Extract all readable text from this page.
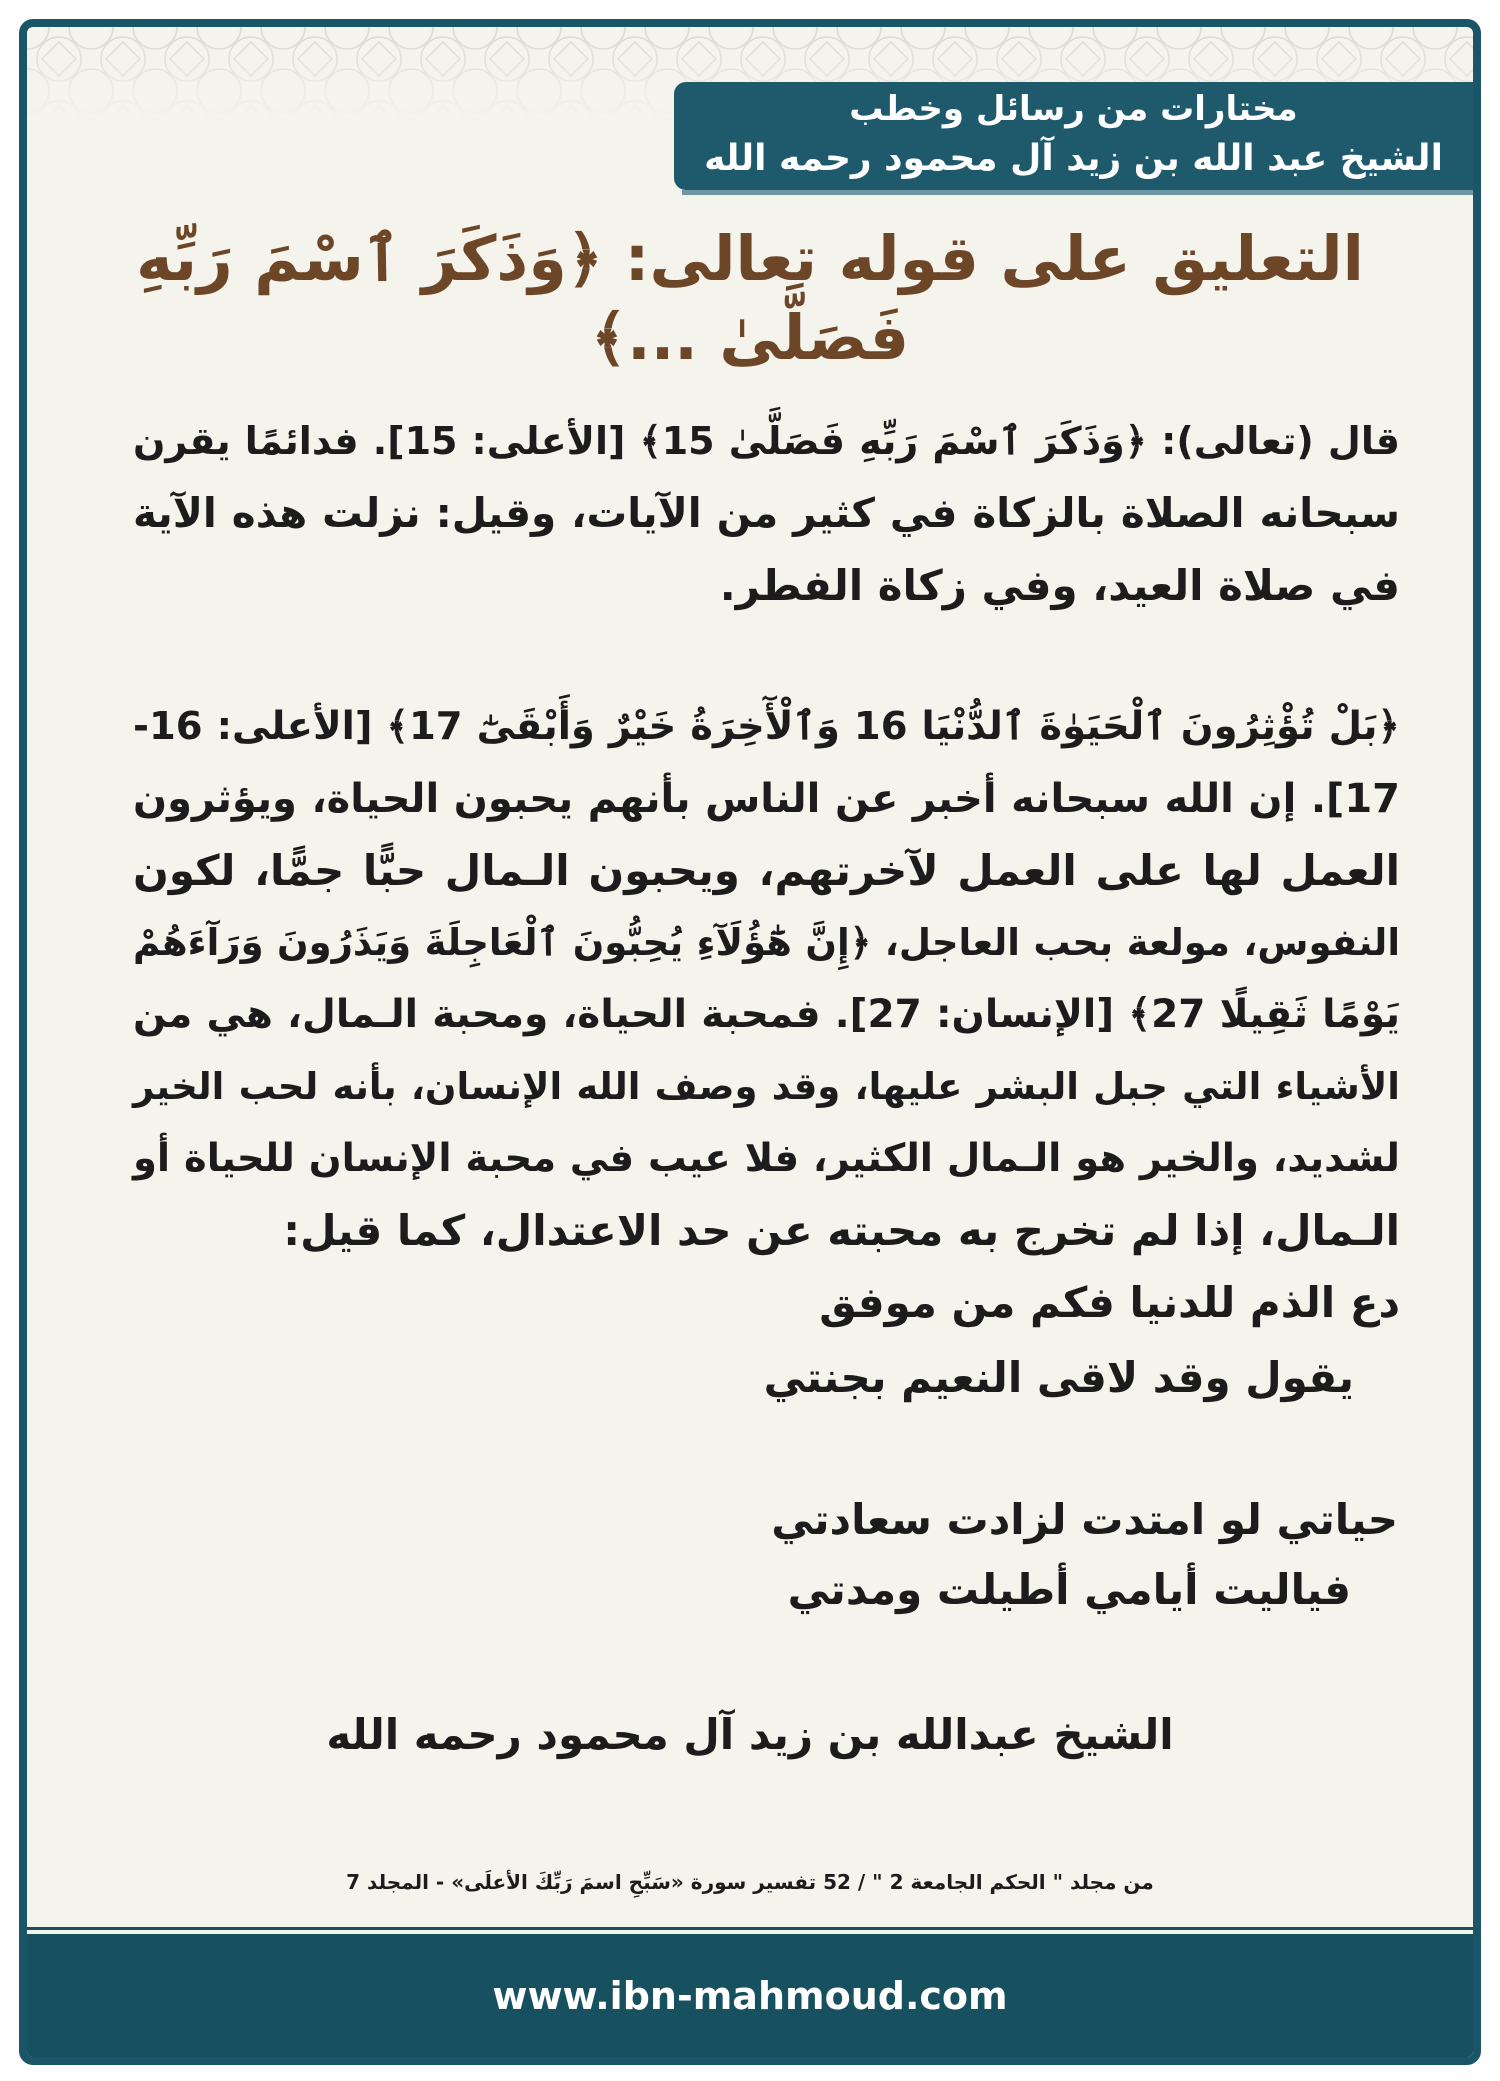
مختارات من رسائل وخطب
الشيخ عبد الله بن زيد آل محمود رحمه الله
التعليق على قوله تعالى: ﴿وَذَكَرَ ٱسْمَ رَبِّهِ
فَصَلَّىٰ ...﴾
قال (تعالى): ﴿وَذَكَرَ ٱسْمَ رَبِّهِ فَصَلَّىٰ 15﴾ [الأعلى: 15]. فدائمًا يقرن
سبحانه الصلاة بالزكاة في كثير من الآيات، وقيل: نزلت هذه الآية
في صلاة العيد، وفي زكاة الفطر.
﴿بَلْ تُؤْثِرُونَ ٱلْحَيَوٰةَ ٱلدُّنْيَا 16 وَٱلْأٓخِرَةُ خَيْرٌ وَأَبْقَىٰٓ 17﴾ [الأعلى: 16-
17]. إن الله سبحانه أخبر عن الناس بأنهم يحبون الحياة، ويؤثرون
العمل لها على العمل لآخرتهم، ويحبون الـمال حبًّا جمًّا، لكون
النفوس، مولعة بحب العاجل، ﴿إِنَّ هَٰٓؤُلَآءِ يُحِبُّونَ ٱلْعَاجِلَةَ وَيَذَرُونَ وَرَآءَهُمْ
يَوْمًا ثَقِيلًا 27﴾ [الإنسان: 27]. فمحبة الحياة، ومحبة الـمال، هي من
الأشياء التي جبل البشر عليها، وقد وصف الله الإنسان، بأنه لحب الخير
لشديد، والخير هو الـمال الكثير، فلا عيب في محبة الإنسان للحياة أو
الـمال، إذا لم تخرج به محبته عن حد الاعتدال، كما قيل:
دع الذم للدنيا فكم من موفق
يقول وقد لاقى النعيم بجنتي
حياتي لو امتدت لزادت سعادتي
فياليت أيامي أطيلت ومدتي
الشيخ عبدالله بن زيد آل محمود رحمه الله
من مجلد " الحكم الجامعة 2 " / 52 تفسير سورة «سَبِّحِ اسمَ رَبِّكَ الأعلَى» - المجلد 7
www.ibn-mahmoud.com
